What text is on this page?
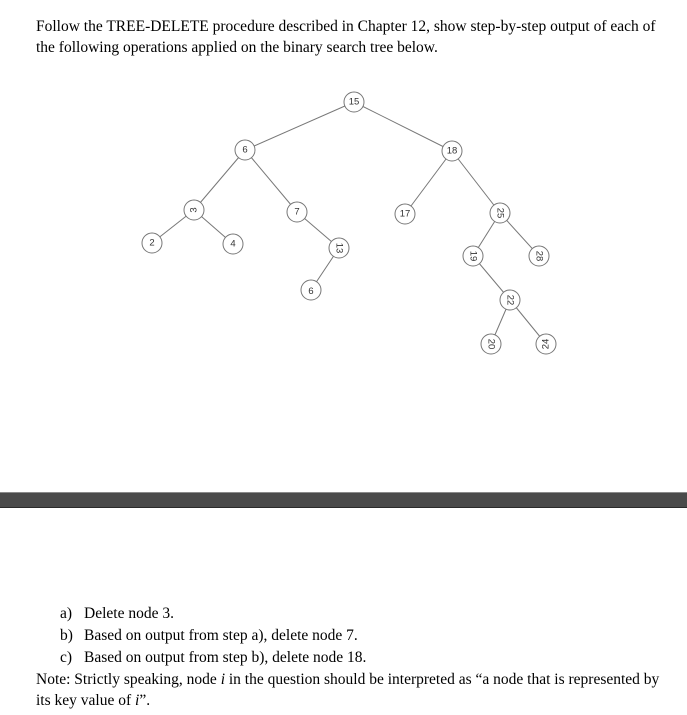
Follow the TREE-DELETE procedure described in Chapter 12, show step-by-step output of each of the following operations applied on the binary search tree below.
15
6	18
3	7	17	25
2	4	13
19	28
9
22
20	24
a) Delete node 3.
b) Based on output from step a), delete node 7.
c) Based on output from step b), delete node 18.
Note: Strictly speaking, node i in the question should be interpreted as “a node that is represented by its key value of i”.
